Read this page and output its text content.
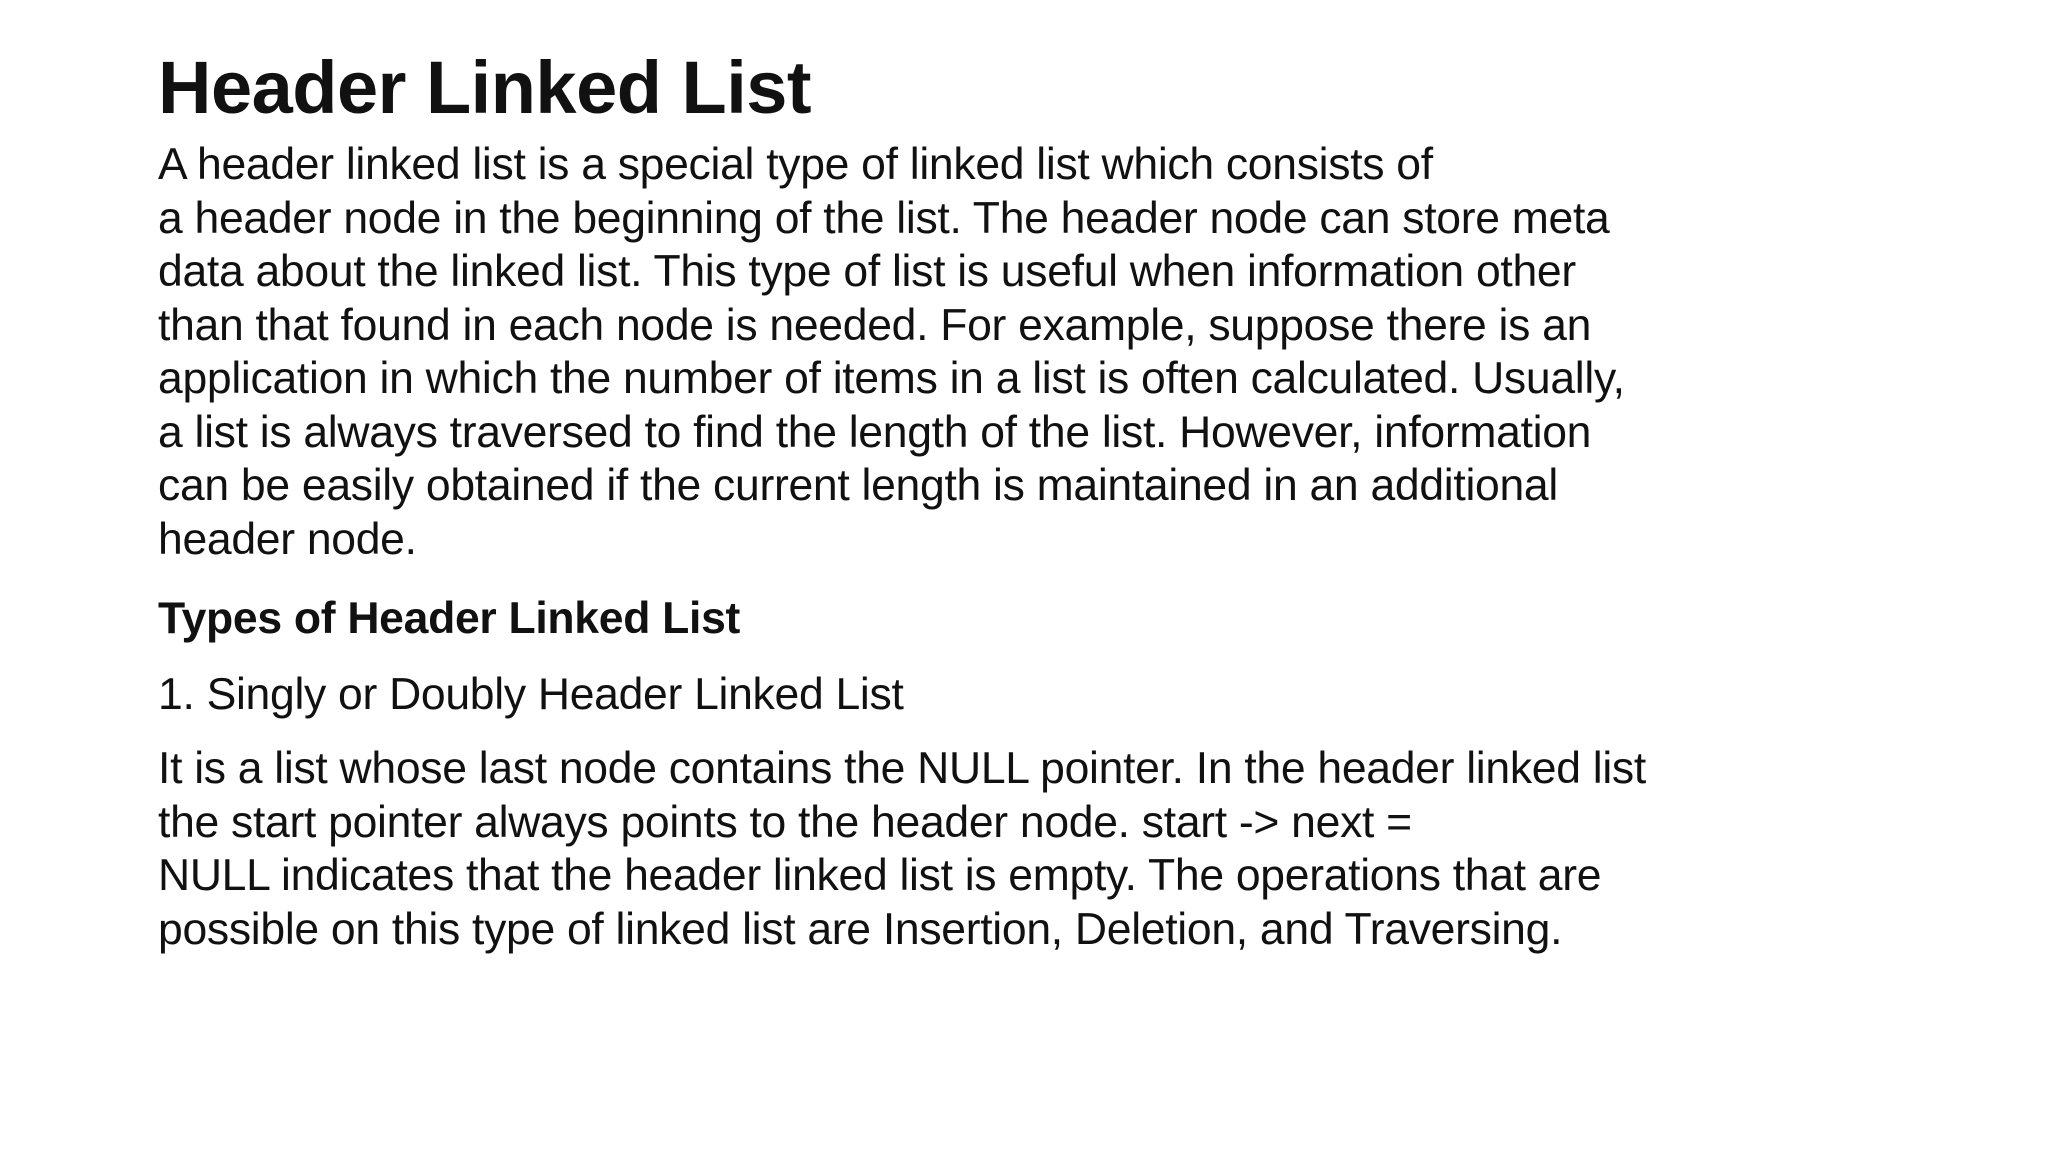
Header Linked List

A header linked list is a special type of linked list which consists of
a header node in the beginning of the list. The header node can store meta
data about the linked list. This type of list is useful when information other
than that found in each node is needed. For example, suppose there is an
application in which the number of items in a list is often calculated. Usually,
a list is always traversed to find the length of the list. However, information
can be easily obtained if the current length is maintained in an additional
header node.

Types of Header Linked List

1. Singly or Doubly Header Linked List

It is a list whose last node contains the NULL pointer. In the header linked list
the start pointer always points to the header node. start -> next =
NULL indicates that the header linked list is empty. The operations that are
possible on this type of linked list are Insertion, Deletion, and Traversing.
